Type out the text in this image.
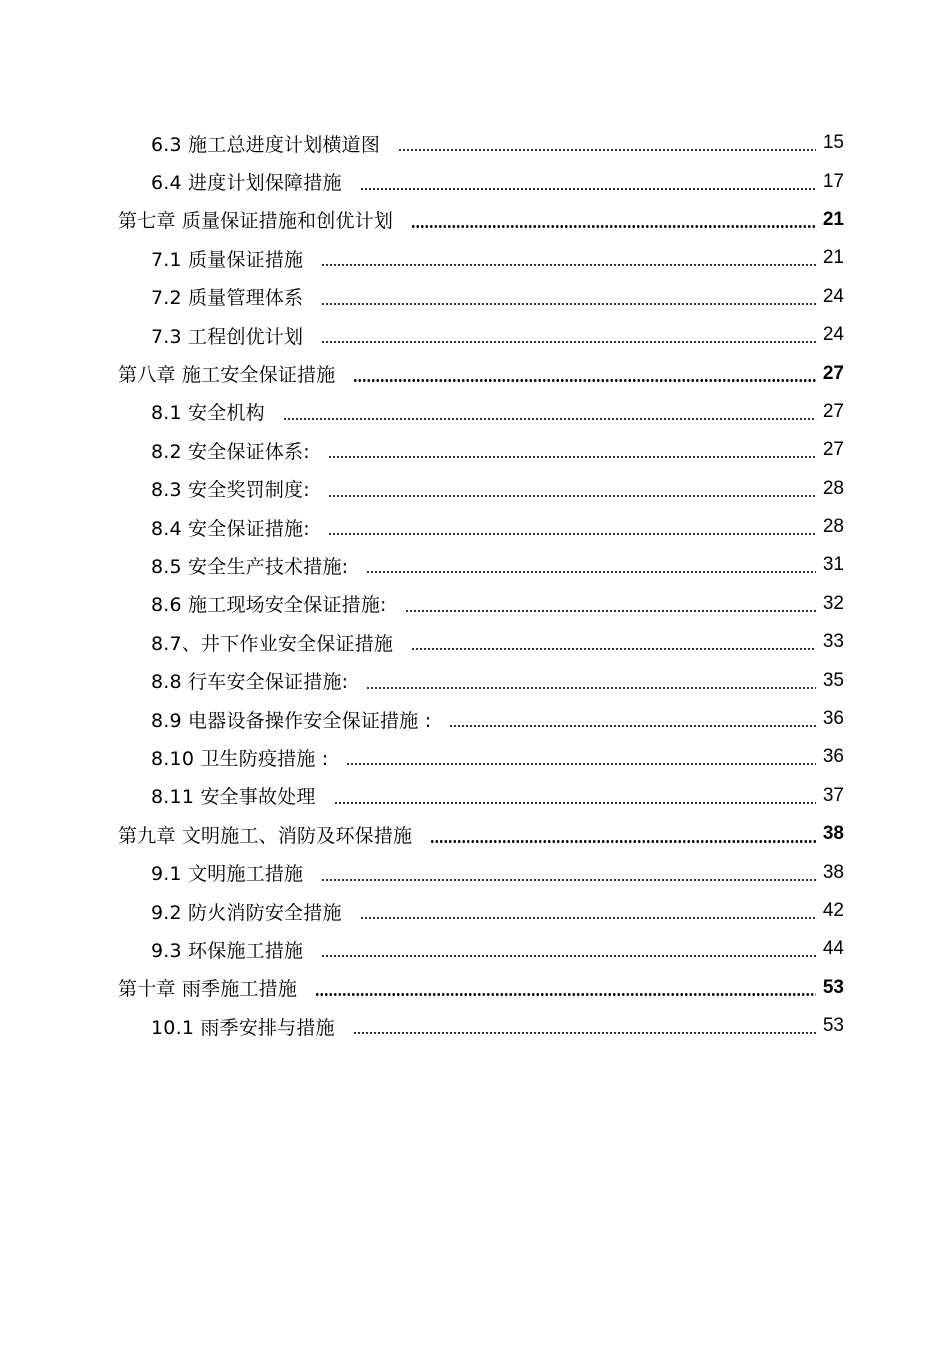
6.3 施工总进度计划横道图	15
6.4 进度计划保障措施	17
第七章 质量保证措施和创优计划	21
7.1 质量保证措施	21
7.2 质量管理体系	24
7.3 工程创优计划	24
第八章 施工安全保证措施	27
8.1 安全机构	27
8.2 安全保证体系:	27
8.3 安全奖罚制度:	28
8.4 安全保证措施:	28
8.5 安全生产技术措施:	31
8.6 施工现场安全保证措施:	32
8.7、井下作业安全保证措施	33
8.8 行车安全保证措施:	35
8.9 电器设备操作安全保证措施 :	36
8.10 卫生防疫措施 :	36
8.11 安全事故处理	37
第九章 文明施工、消防及环保措施	38
9.1 文明施工措施	38
9.2 防火消防安全措施	42
9.3 环保施工措施	44
第十章 雨季施工措施	53
10.1 雨季安排与措施	53
